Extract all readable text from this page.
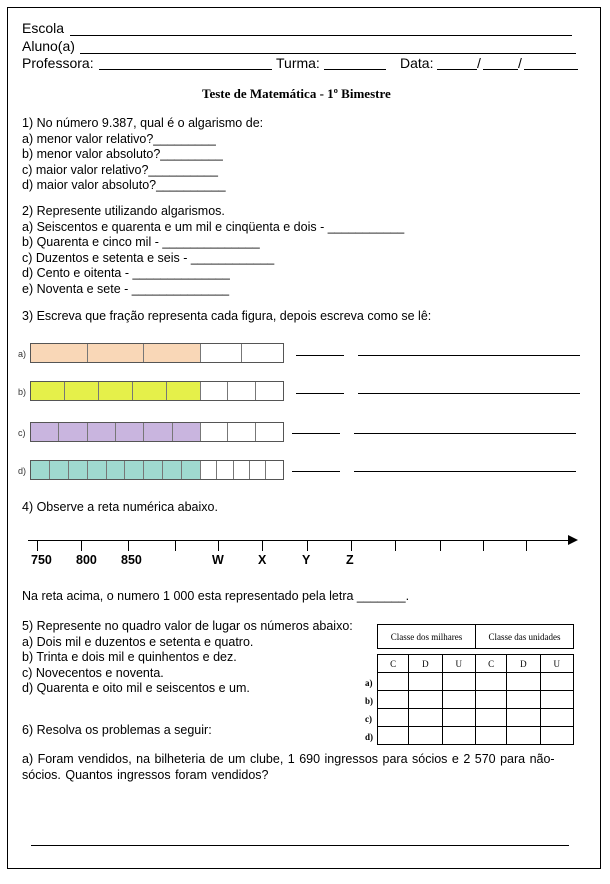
Escola
Aluno(a)
Professora:	Turma:	Data:	/	/
Teste de Matemática - 1º Bimestre
1) No número 9.387, qual é o algarismo de:
a) menor valor relativo?_________
b) menor valor absoluto?_________
c) maior valor relativo?__________
d) maior valor absoluto?__________
2) Represente utilizando algarismos.
a) Seiscentos e quarenta e um mil e cinqüenta e dois - ___________
b) Quarenta e cinco mil - ______________
c) Duzentos e setenta e seis - ____________
d) Cento e oitenta - ______________
e) Noventa e sete - ______________
3) Escreva que fração representa cada figura, depois escreva como se lê:
a)
b)
c)
d)
4) Observe a reta numérica abaixo.
750 800 850	W	X	Y	Z
Na reta acima, o numero 1 000 esta representado pela letra _______.
5) Represente no quadro valor de lugar os números abaixo:
a) Dois mil e duzentos e setenta e quatro.
b) Trinta e dois mil e quinhentos e dez.
c) Novecentos e noventa.
d) Quarenta e oito mil e seiscentos e um.
Classe dos milhares	Classe das unidades
C	D	U	C	D	U

a)
b)
c)
d)
6) Resolva os problemas a seguir:
a) Foram vendidos, na bilheteria de um clube, 1 690 ingressos para sócios e 2 570 para não-
sócios. Quantos ingressos foram vendidos?
